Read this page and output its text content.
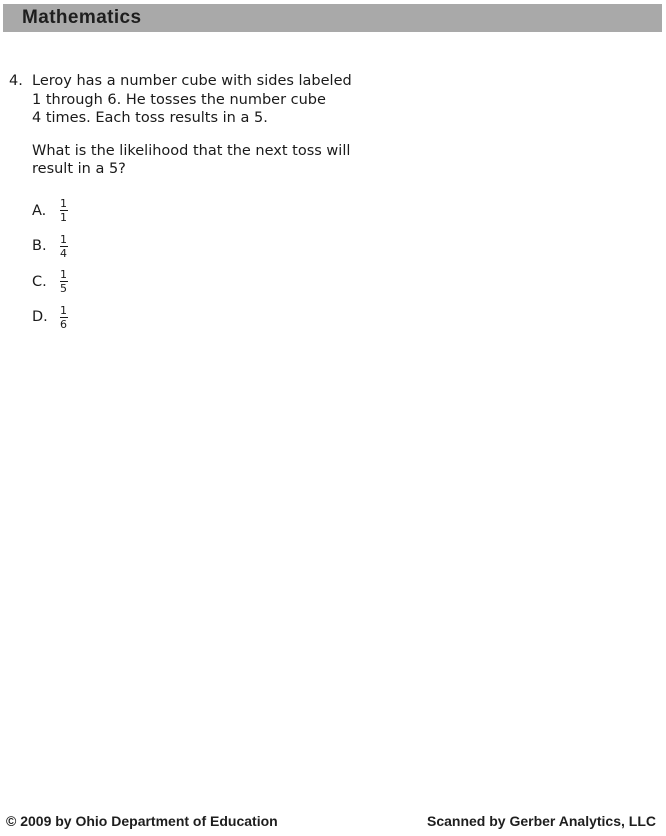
Mathematics
4. Leroy has a number cube with sides labeled
1 through 6. He tosses the number cube
4 times. Each toss results in a 5.
What is the likelihood that the next toss will
result in a 5?
A.	$\frac{1}{1}$
B.	$\frac{1}{4}$
C.	$\frac{1}{5}$
D.	$\frac{1}{6}$
© 2009 by Ohio Department of Education	Scanned by Gerber Analytics, LLC
